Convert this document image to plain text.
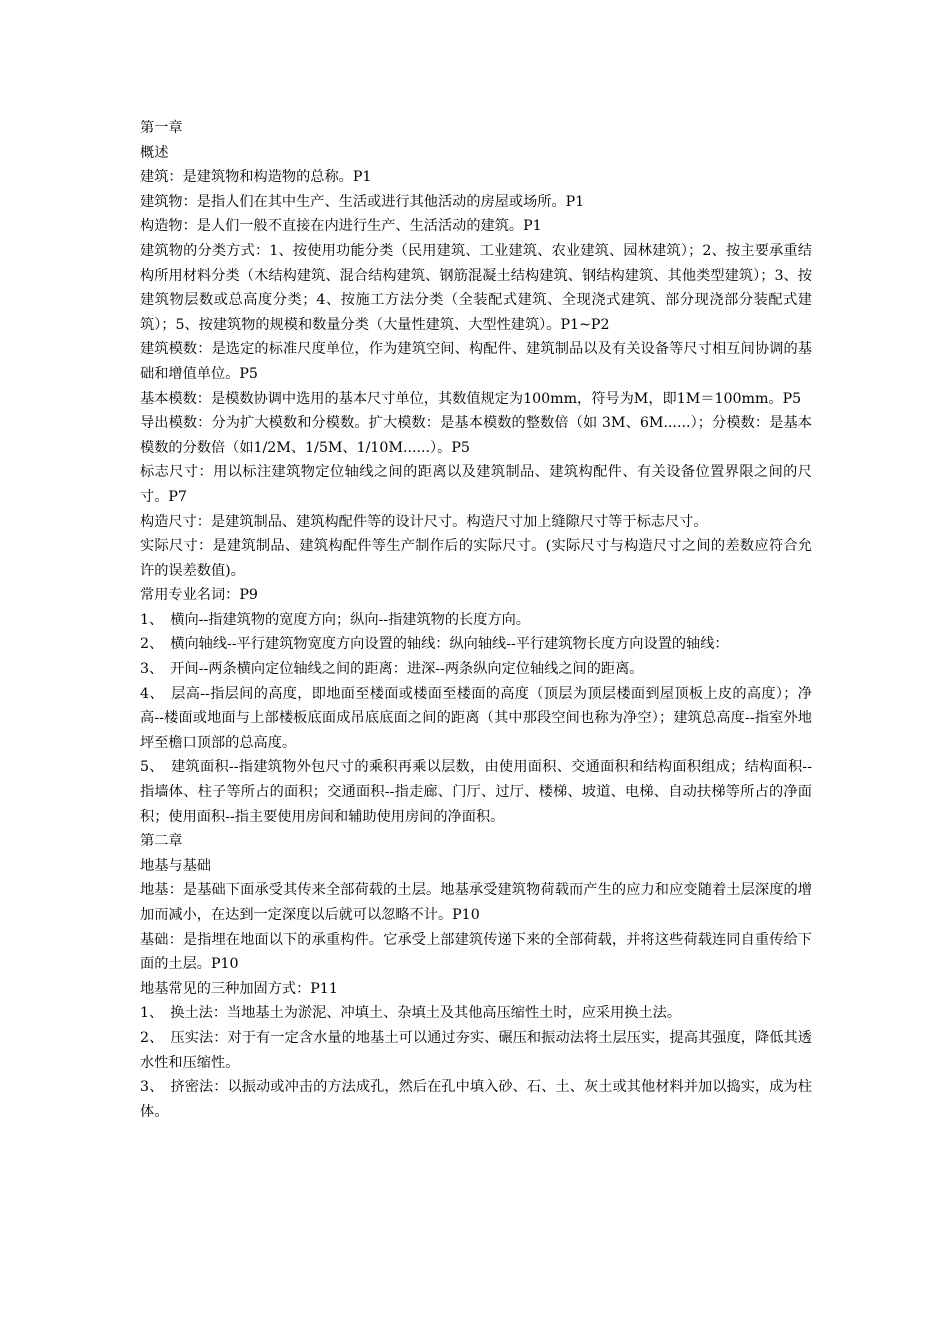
第一章

概述

建筑：是建筑物和构造物的总称。P1

建筑物：是指人们在其中生产、生活或进行其他活动的房屋或场所。P1

构造物：是人们一般不直接在内进行生产、生活活动的建筑。P1

建筑物的分类方式：1、按使用功能分类（民用建筑、工业建筑、农业建筑、园林建筑）；2、按主要承重结构所用材料分类（木结构建筑、混合结构建筑、钢筋混凝土结构建筑、钢结构建筑、其他类型建筑）；3、按建筑物层数或总高度分类；4、按施工方法分类（全装配式建筑、全现浇式建筑、部分现浇部分装配式建筑）；5、按建筑物的规模和数量分类（大量性建筑、大型性建筑）。P1~P2

建筑模数：是选定的标准尺度单位，作为建筑空间、构配件、建筑制品以及有关设备等尺寸相互间协调的基础和增值单位。P5

基本模数：是模数协调中选用的基本尺寸单位，其数值规定为100mm，符号为M，即1M＝100mm。P5

导出模数：分为扩大模数和分模数。扩大模数：是基本模数的整数倍（如 3M、6M......）；分模数：是基本模数的分数倍（如1/2M、1/5M、1/10M......）。P5

标志尺寸：用以标注建筑物定位轴线之间的距离以及建筑制品、建筑构配件、有关设备位置界限之间的尺寸。P7

构造尺寸：是建筑制品、建筑构配件等的设计尺寸。构造尺寸加上缝隙尺寸等于标志尺寸。

实际尺寸：是建筑制品、建筑构配件等生产制作后的实际尺寸。(实际尺寸与构造尺寸之间的差数应符合允许的误差数值)。

常用专业名词：P9

1、　横向--指建筑物的宽度方向；纵向--指建筑物的长度方向。

2、　横向轴线--平行建筑物宽度方向设置的轴线：纵向轴线--平行建筑物长度方向设置的轴线：

3、　开间--两条横向定位轴线之间的距离：进深--两条纵向定位轴线之间的距离。

4、　层高--指层间的高度，即地面至楼面或楼面至楼面的高度（顶层为顶层楼面到屋顶板上皮的高度）；净高--楼面或地面与上部楼板底面成吊底底面之间的距离（其中那段空间也称为净空）；建筑总高度--指室外地坪至檐口顶部的总高度。

5、　建筑面积--指建筑物外包尺寸的乘积再乘以层数，由使用面积、交通面积和结构面积组成；结构面积--指墙体、柱子等所占的面积；交通面积--指走廊、门厅、过厅、楼梯、坡道、电梯、自动扶梯等所占的净面积；使用面积--指主要使用房间和辅助使用房间的净面积。

第二章

地基与基础

地基：是基础下面承受其传来全部荷载的土层。地基承受建筑物荷载而产生的应力和应变随着土层深度的增加而减小，在达到一定深度以后就可以忽略不计。P10

基础：是指埋在地面以下的承重构件。它承受上部建筑传递下来的全部荷载，并将这些荷载连同自重传给下面的土层。P10

地基常见的三种加固方式：P11

1、　换土法：当地基土为淤泥、冲填土、杂填土及其他高压缩性土时，应采用换土法。

2、　压实法：对于有一定含水量的地基土可以通过夯实、碾压和振动法将土层压实，提高其强度，降低其透水性和压缩性。

3、　挤密法：以振动或冲击的方法成孔，然后在孔中填入砂、石、土、灰土或其他材料并加以捣实，成为柱体。
